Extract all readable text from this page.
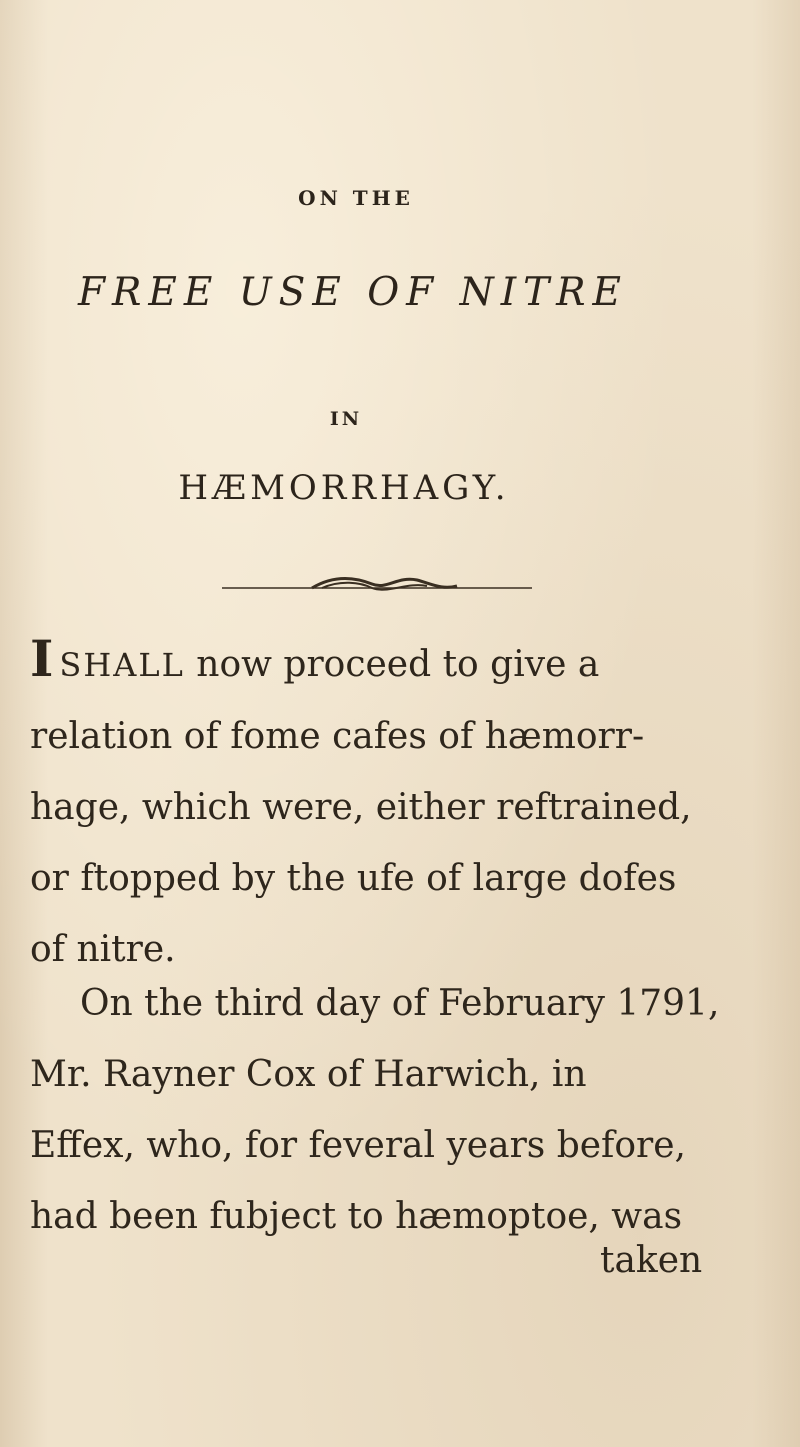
ON THE
FREE USE OF NITRE
IN
HÆMORRHAGY.
ISHALL now proceed to give a
relation of fome cafes of hæmorr-
hage, which were, either reftrained,
or ftopped by the ufe of large dofes
of nitre.
On the third day of February 1791,
Mr. Rayner Cox of Harwich, in
Effex, who, for feveral years before,
had been fubject to hæmoptoe, was
taken
